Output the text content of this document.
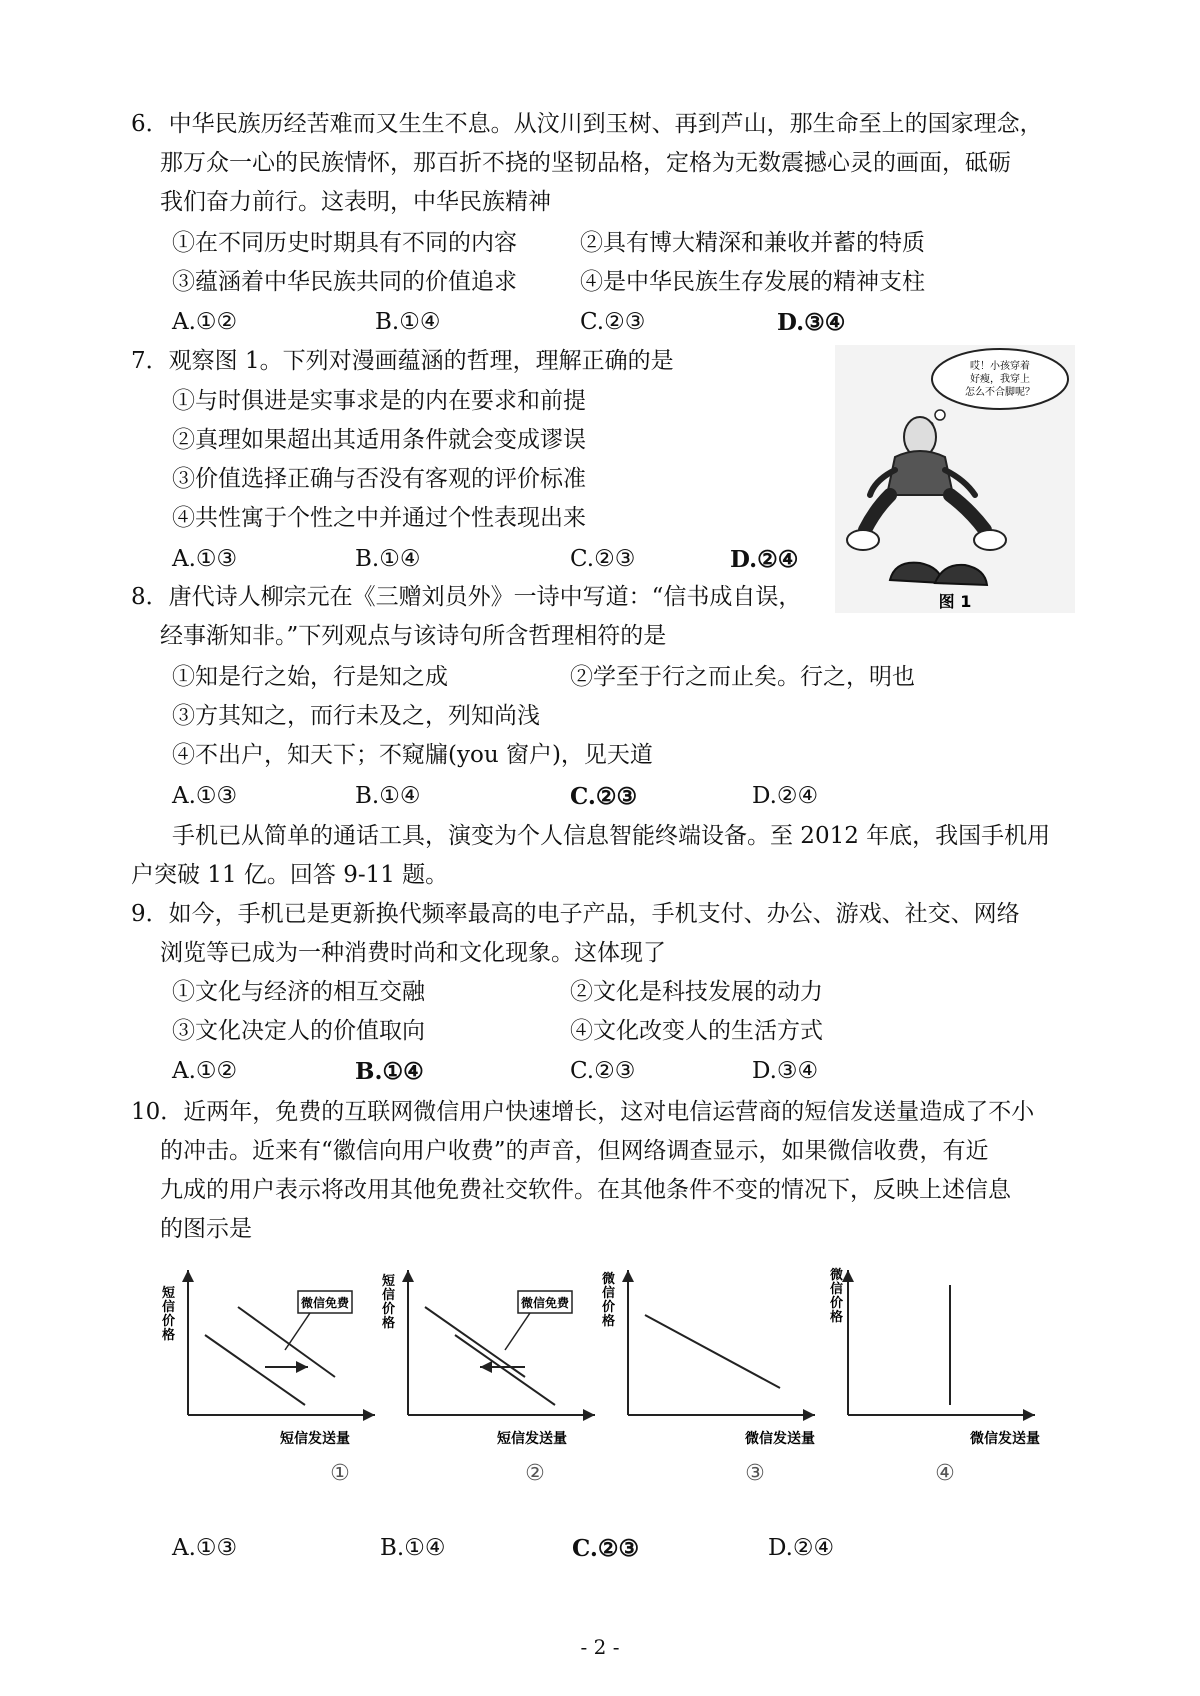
6．中华民族历经苦难而又生生不息。从汶川到玉树、再到芦山，那生命至上的国家理念，
那万众一心的民族情怀，那百折不挠的坚韧品格，定格为无数震撼心灵的画面，砥砺
我们奋力前行。这表明，中华民族精神
①在不同历史时期具有不同的内容	②具有博大精深和兼收并蓄的特质
③蕴涵着中华民族共同的价值追求	④是中华民族生存发展的精神支柱
A.①②	B.①④	C.②③	D.③④
7．观察图 1。下列对漫画蕴涵的哲理，理解正确的是
①与时俱进是实事求是的内在要求和前提
②真理如果超出其适用条件就会变成谬误
③价值选择正确与否没有客观的评价标准
④共性寓于个性之中并通过个性表现出来
A.①③	B.①④	C.②③	D.②④
哎！小孩穿着
好瘦，我穿上
怎么不合脚呢？
图 1
8．唐代诗人柳宗元在《三赠刘员外》一诗中写道：“信书成自误，
经事渐知非。”下列观点与该诗句所含哲理相符的是
①知是行之始，行是知之成	②学至于行之而止矣。行之，明也
③方其知之，而行未及之，列知尚浅
④不出户，知天下；不窥牖(you 窗户)，见天道
A.①③	B.①④	C.②③	D.②④
手机已从简单的通话工具，演变为个人信息智能终端设备。至 2012 年底，我国手机用
户突破 11 亿。回答 9-11 题。
9．如今，手机已是更新换代频率最高的电子产品，手机支付、办公、游戏、社交、网络
浏览等已成为一种消费时尚和文化现象。这体现了
①文化与经济的相互交融	②文化是科技发展的动力
③文化决定人的价值取向	④文化改变人的生活方式
A.①②	B.①④	C.②③	D.③④
10．近两年，免费的互联网微信用户快速增长，这对电信运营商的短信发送量造成了不小
的冲击。近来有“徽信向用户收费”的声音，但网络调查显示，如果微信收费，有近
九成的用户表示将改用其他免费社交软件。在其他条件不变的情况下，反映上述信息
的图示是
短
信
价
格
微信免费
短信发送量
①
短
信
价
格
微信免费
短信发送量
②
微
信
价
格
微信发送量
③
微
信
价
格
微信发送量
④
A.①③	B.①④	C.②③	D.②④
- 2 -
